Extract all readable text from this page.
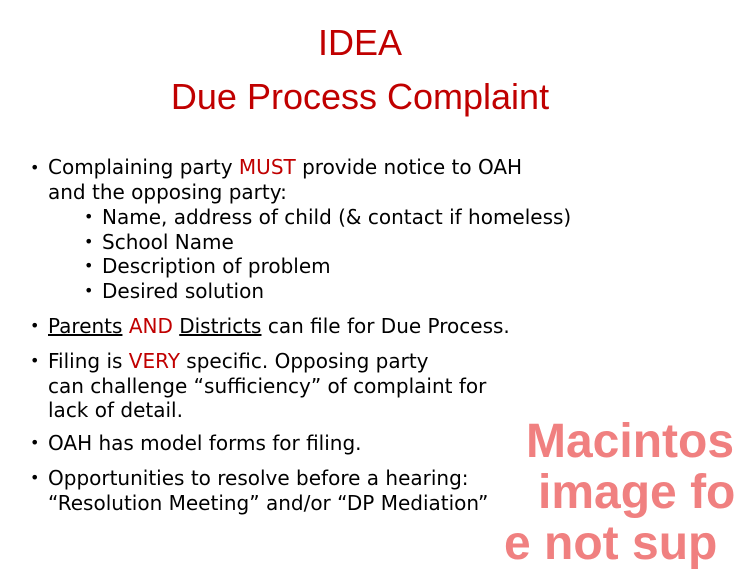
IDEA
Due Process Complaint
• Complaining party MUST provide notice to OAH
and the opposing party:
• Name, address of child (& contact if homeless)
• School Name
• Description of problem
• Desired solution
• Parents AND Districts can file for Due Process.
• Filing is VERY specific. Opposing party
can challenge “sufficiency” of complaint for
lack of detail.
• OAH has model forms for filing.
• Opportunities to resolve before a hearing:
“Resolution Meeting” and/or “DP Mediation”
Macintos
image fo
e not sup
